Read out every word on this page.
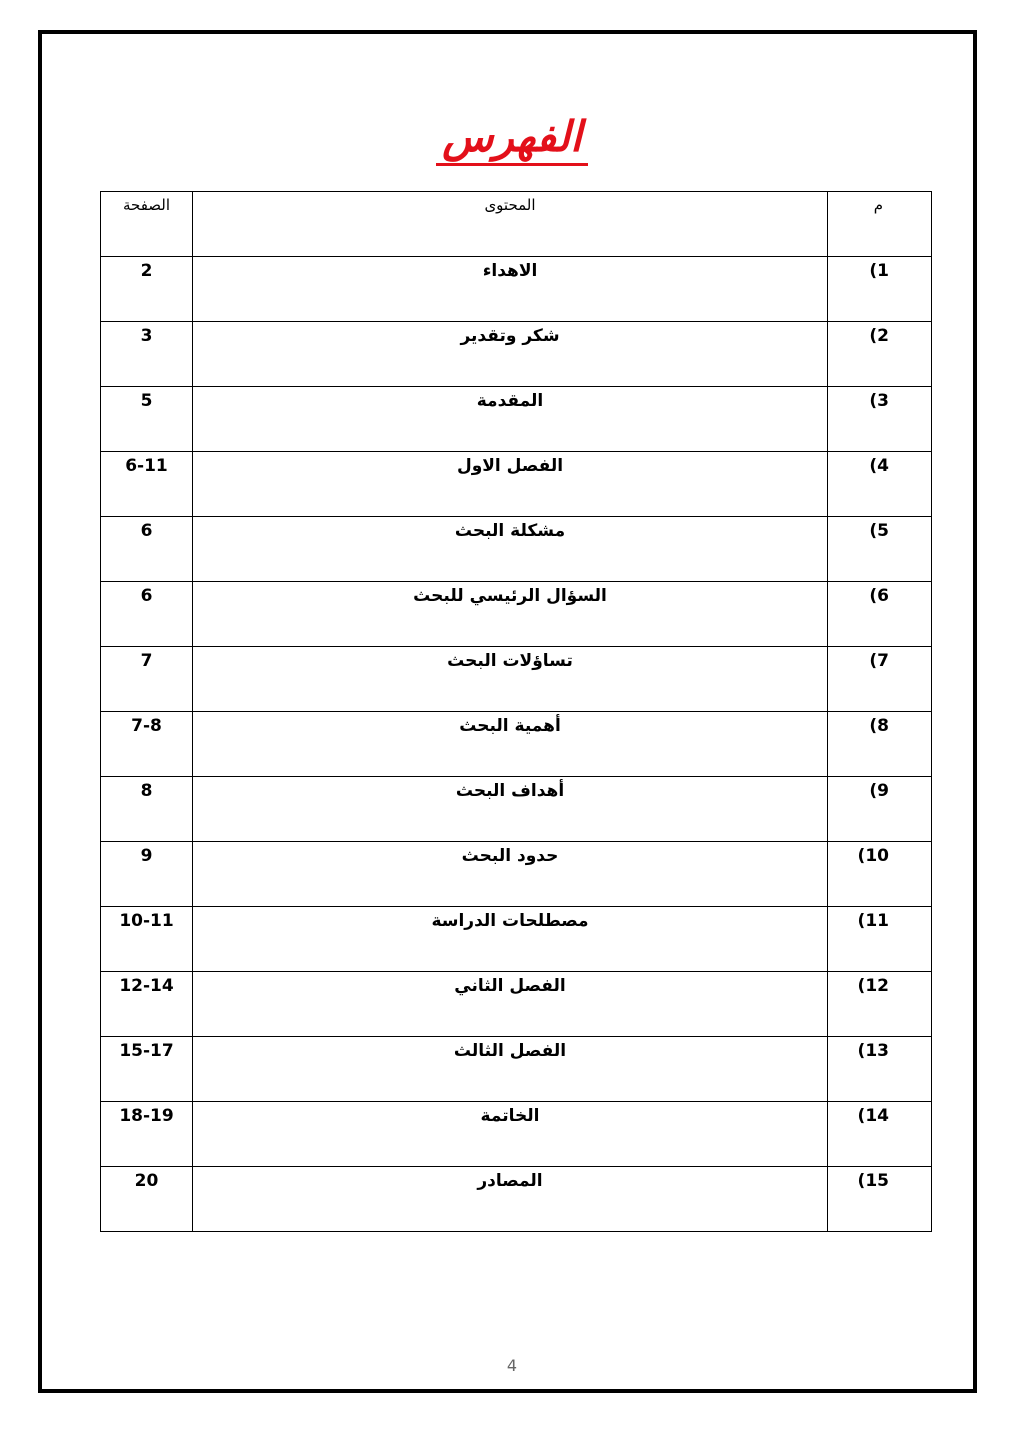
الفهرس
م	المحتوى	الصفحة
1)	الاهداء	2
2)	شكر وتقدير	3
3)	المقدمة	5
4)	الفصل الاول	6-11
5)	مشكلة البحث	6
6)	السؤال الرئيسي للبحث	6
7)	تساؤلات البحث	7
8)	أهمية البحث	7-8
9)	أهداف البحث	8
10)	حدود البحث	9
11)	مصطلحات الدراسة	10-11
12)	الفصل الثاني	12-14
13)	الفصل الثالث	15-17
14)	الخاتمة	18-19
15)	المصادر	20
4
